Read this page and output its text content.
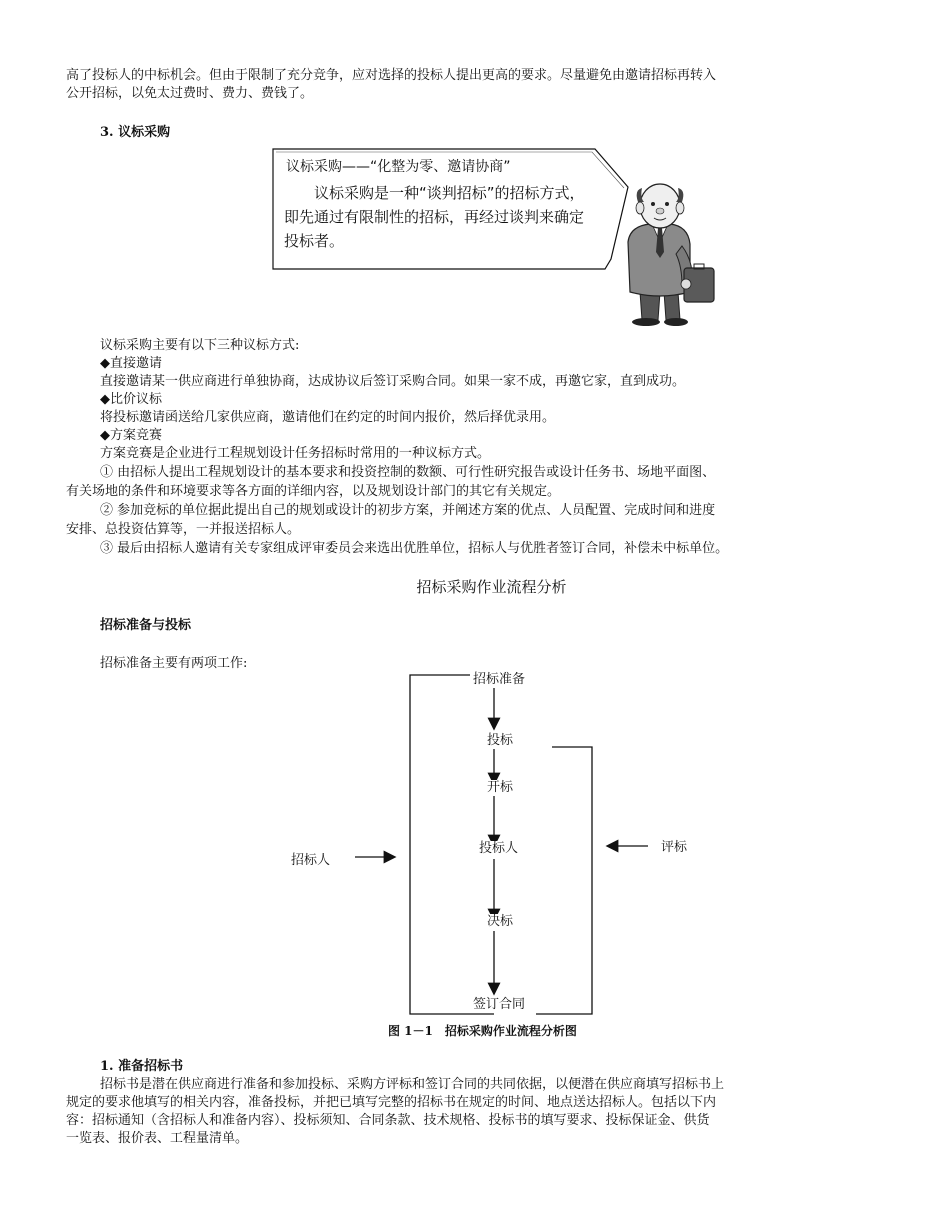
高了投标人的中标机会。但由于限制了充分竞争，应对选择的投标人提出更高的要求。尽量避免由邀请招标再转入
公开招标，以免太过费时、费力、费钱了。
3. 议标采购
议标采购——“化整为零、邀请协商”
议标采购是一种“谈判招标”的招标方式，
即先通过有限制性的招标，再经过谈判来确定
投标者。
议标采购主要有以下三种议标方式:
◆直接邀请
直接邀请某一供应商进行单独协商，达成协议后签订采购合同。如果一家不成，再邀它家，直到成功。
◆比价议标
将投标邀请函送给几家供应商，邀请他们在约定的时间内报价，然后择优录用。
◆方案竞赛
方案竞赛是企业进行工程规划设计任务招标时常用的一种议标方式。
① 由招标人提出工程规划设计的基本要求和投资控制的数额、可行性研究报告或设计任务书、场地平面图、
有关场地的条件和环境要求等各方面的详细内容，以及规划设计部门的其它有关规定。
② 参加竞标的单位据此提出自己的规划或设计的初步方案，并阐述方案的优点、人员配置、完成时间和进度
安排、总投资估算等，一并报送招标人。
③ 最后由招标人邀请有关专家组成评审委员会来选出优胜单位，招标人与优胜者签订合同，补偿未中标单位。
招标采购作业流程分析
招标准备与投标
招标准备主要有两项工作:
招标准备
投标
开标
投标人
决标
签订合同
招标人
评标
图 1－1　招标采购作业流程分析图
1. 准备招标书
招标书是潜在供应商进行准备和参加投标、采购方评标和签订合同的共同依据，以便潜在供应商填写招标书上
规定的要求他填写的相关内容，准备投标，并把已填写完整的招标书在规定的时间、地点送达招标人。包括以下内
容：招标通知（含招标人和准备内容）、投标须知、合同条款、技术规格、投标书的填写要求、投标保证金、供货
一览表、报价表、工程量清单。
